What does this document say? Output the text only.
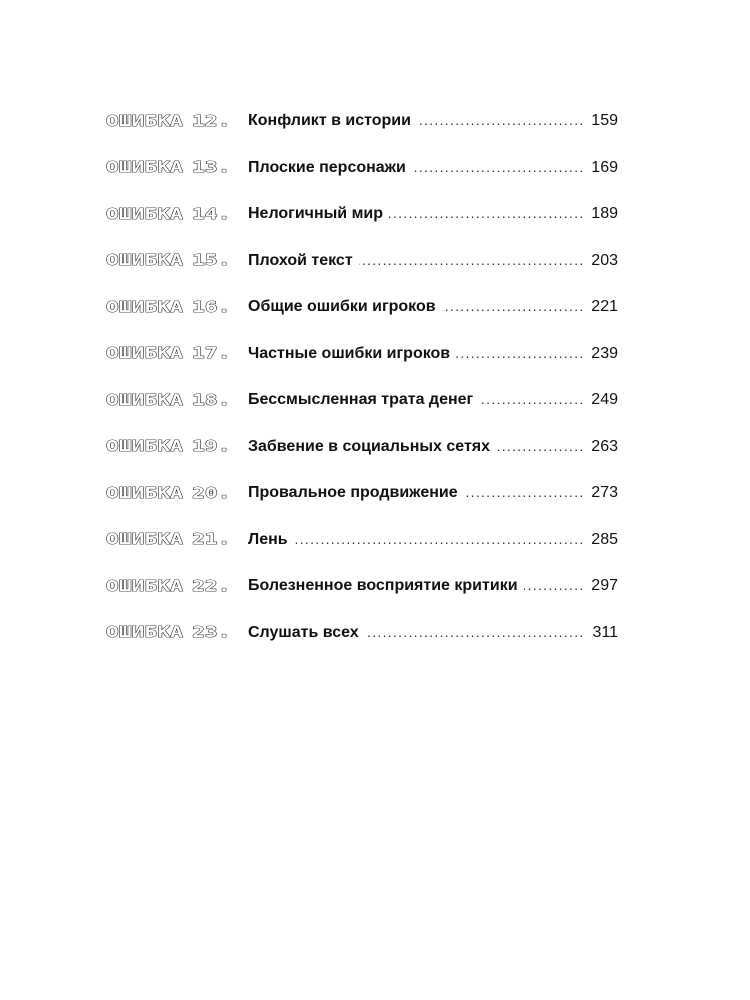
ОШИБКА 12 . Конфликт в истории . . .	159
ОШИБКА 13 . Плоские персонажи . . .	169
ОШИБКА 14 . Нелогичный мир . . .	189
ОШИБКА 15 . Плохой текст . . .	203
ОШИБКА 16 . Общие ошибки игроков . . .	221
ОШИБКА 17 . Частные ошибки игроков . . .	239
ОШИБКА 18 . Бессмысленная трата денег . . .	249
ОШИБКА 19 . Забвение в социальных сетях . . .	263
ОШИБКА 20 . Провальное продвижение . . .	273
ОШИБКА 21 . Лень . . .	285
ОШИБКА 22 . Болезненное восприятие критики . . .	297
ОШИБКА 23 . Слушать всех . . .	311
